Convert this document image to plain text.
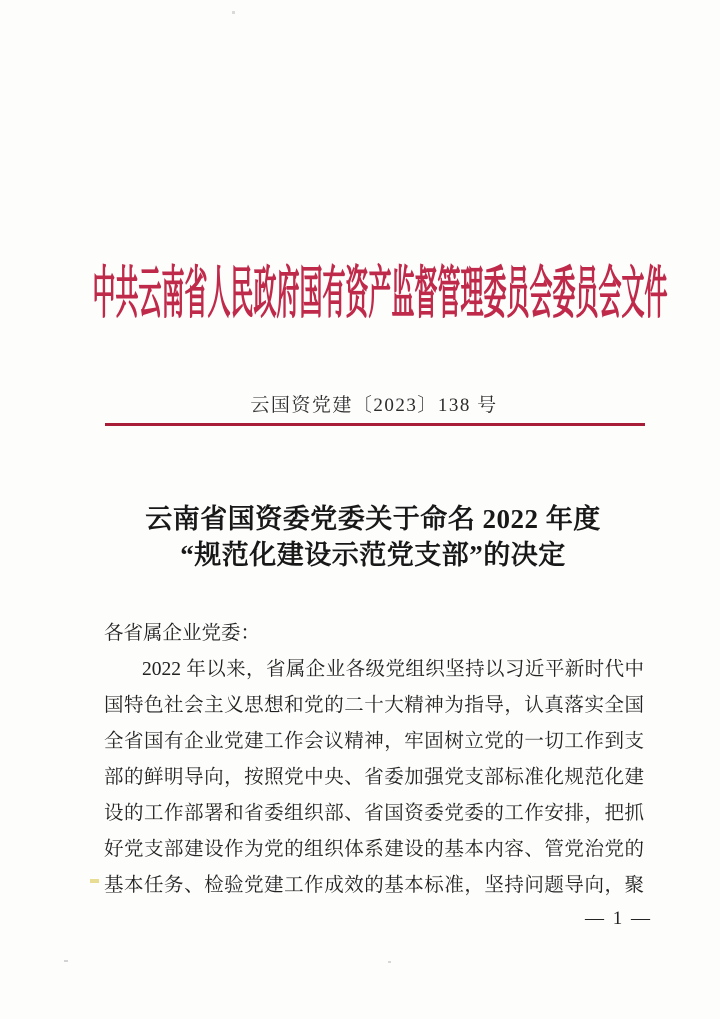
中共云南省人民政府国有资产监督管理委员会委员会文件
云国资党建〔2023〕138 号
云南省国资委党委关于命名 2022 年度
“规范化建设示范党支部”的决定
各省属企业党委：
2022 年以来，省属企业各级党组织坚持以习近平新时代中
国特色社会主义思想和党的二十大精神为指导，认真落实全国
全省国有企业党建工作会议精神，牢固树立党的一切工作到支
部的鲜明导向，按照党中央、省委加强党支部标准化规范化建
设的工作部署和省委组织部、省国资委党委的工作安排，把抓
好党支部建设作为党的组织体系建设的基本内容、管党治党的
基本任务、检验党建工作成效的基本标准，坚持问题导向，聚
— 1 —
